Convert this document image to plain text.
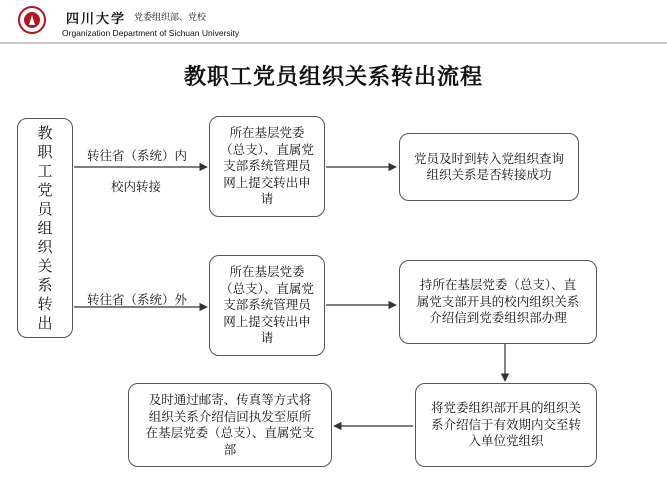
四川大学 党委组织部、党校
Organization Department of Sichuan University
教职工党员组织关系转出流程
教职工党员组织关系转出
转往省（系统）内
校内转接
转往省（系统）外
所在基层党委（总支）、直属党支部系统管理员网上提交转出申请
党员及时到转入党组织查询组织关系是否转接成功
所在基层党委（总支）、直属党支部系统管理员网上提交转出申请
持所在基层党委（总支）、直属党支部开具的校内组织关系介绍信到党委组织部办理
将党委组织部开具的组织关系介绍信于有效期内交至转入单位党组织
及时通过邮寄、传真等方式将组织关系介绍信回执发至原所在基层党委（总支）、直属党支部
